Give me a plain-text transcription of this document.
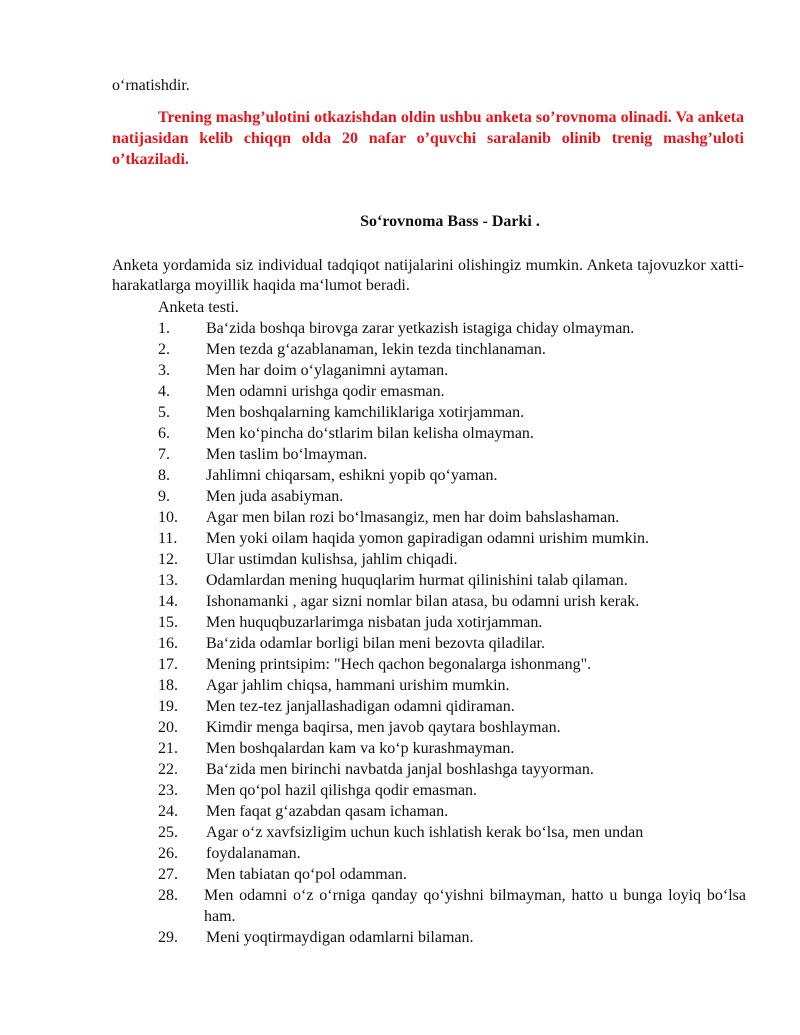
o‘rnatishdir.
Trening mashg’ulotini otkazishdan oldin ushbu anketa so’rovnoma olinadi. Va anketa natijasidan kelib chiqqn olda 20 nafar o’quvchi saralanib olinib trenig mashg’uloti o’tkaziladi.
So‘rovnoma Bass - Darki .
Anketa yordamida siz individual tadqiqot natijalarini olishingiz mumkin. Anketa tajovuzkor xatti-harakatlarga moyillik haqida ma‘lumot beradi.
Anketa testi.
1. Ba‘zida boshqa birovga zarar yetkazish istagiga chiday olmayman.
2. Men tezda g‘azablanaman, lekin tezda tinchlanaman.
3. Men har doim o‘ylaganimni aytaman.
4. Men odamni urishga qodir emasman.
5. Men boshqalarning kamchiliklariga xotirjamman.
6. Men ko‘pincha do‘stlarim bilan kelisha olmayman.
7. Men taslim bo‘lmayman.
8. Jahlimni chiqarsam, eshikni yopib qo‘yaman.
9. Men juda asabiyman.
10. Agar men bilan rozi bo‘lmasangiz, men har doim bahslashaman.
11. Men yoki oilam haqida yomon gapiradigan odamni urishim mumkin.
12. Ular ustimdan kulishsa, jahlim chiqadi.
13. Odamlardan mening huquqlarim hurmat qilinishini talab qilaman.
14. Ishonamanki , agar sizni nomlar bilan atasa, bu odamni urish kerak.
15. Men huquqbuzarlarimga nisbatan juda xotirjamman.
16. Ba‘zida odamlar borligi bilan meni bezovta qiladilar.
17. Mening printsipim: "Hech qachon begonalarga ishonmang".
18. Agar jahlim chiqsa, hammani urishim mumkin.
19. Men tez-tez janjallashadigan odamni qidiraman.
20. Kimdir menga baqirsa, men javob qaytara boshlayman.
21. Men boshqalardan kam va ko‘p kurashmayman.
22. Ba‘zida men birinchi navbatda janjal boshlashga tayyorman.
23. Men qo‘pol hazil qilishga qodir emasman.
24. Men faqat g‘azabdan qasam ichaman.
25. Agar o‘z xavfsizligim uchun kuch ishlatish kerak bo‘lsa, men undan
26. foydalanaman.
27. Men tabiatan qo‘pol odamman.
28. Men odamni o‘z o‘rniga qanday qo‘yishni bilmayman, hatto u bunga loyiq bo‘lsa ham.
29. Meni yoqtirmaydigan odamlarni bilaman.
